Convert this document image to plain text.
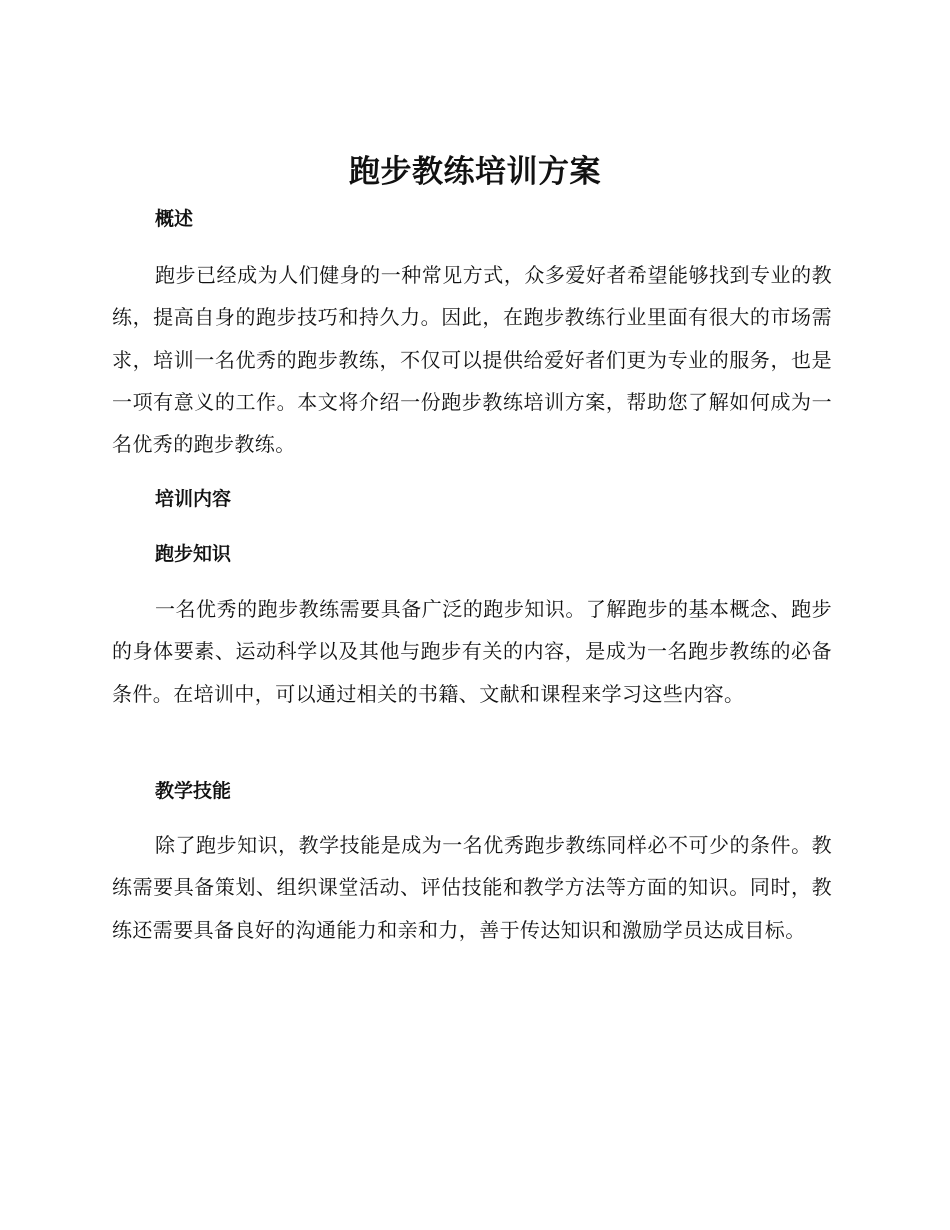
跑步教练培训方案
概述

跑步已经成为人们健身的一种常见方式，众多爱好者希望能够找到专业的教练，提高自身的跑步技巧和持久力。因此，在跑步教练行业里面有很大的市场需求，培训一名优秀的跑步教练，不仅可以提供给爱好者们更为专业的服务，也是一项有意义的工作。本文将介绍一份跑步教练培训方案，帮助您了解如何成为一名优秀的跑步教练。

培训内容
跑步知识

一名优秀的跑步教练需要具备广泛的跑步知识。了解跑步的基本概念、跑步的身体要素、运动科学以及其他与跑步有关的内容，是成为一名跑步教练的必备条件。在培训中，可以通过相关的书籍、文献和课程来学习这些内容。

教学技能

除了跑步知识，教学技能是成为一名优秀跑步教练同样必不可少的条件。教练需要具备策划、组织课堂活动、评估技能和教学方法等方面的知识。同时，教练还需要具备良好的沟通能力和亲和力，善于传达知识和激励学员达成目标。
